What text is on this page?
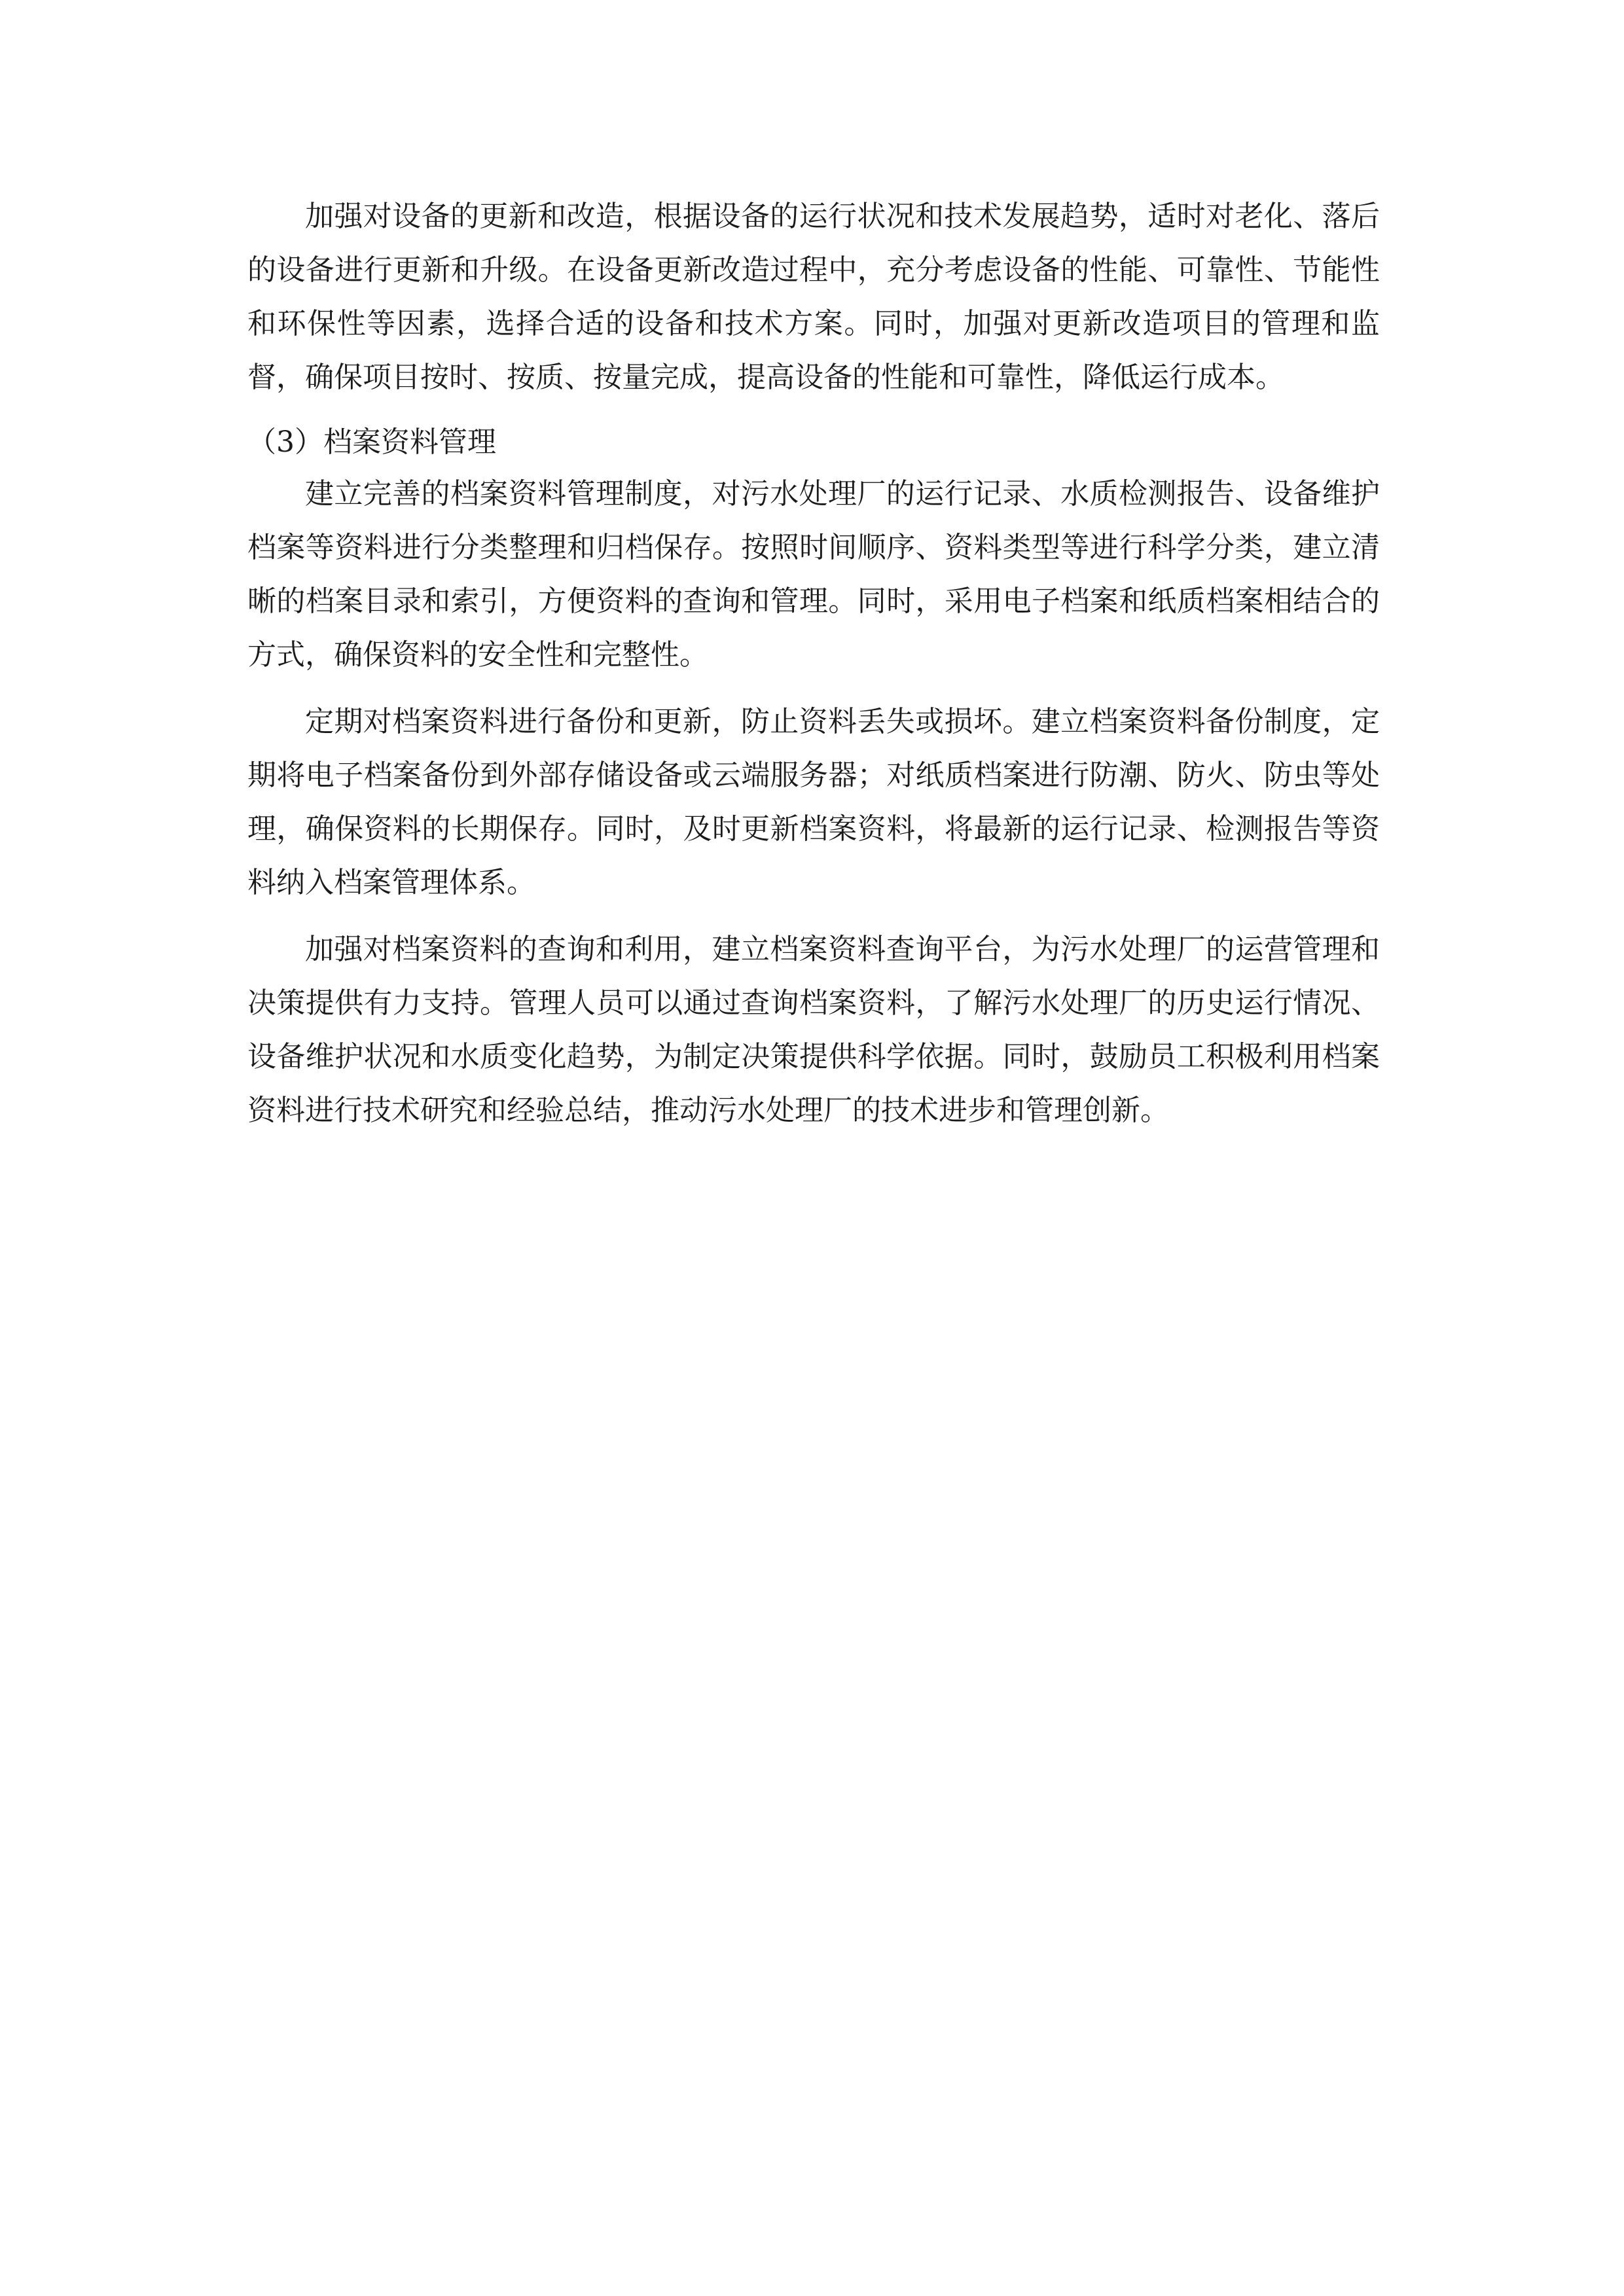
加强对设备的更新和改造，根据设备的运行状况和技术发展趋势，适时对老化、落后的设备进行更新和升级。在设备更新改造过程中，充分考虑设备的性能、可靠性、节能性和环保性等因素，选择合适的设备和技术方案。同时，加强对更新改造项目的管理和监督，确保项目按时、按质、按量完成，提高设备的性能和可靠性，降低运行成本。

（3）档案资料管理

建立完善的档案资料管理制度，对污水处理厂的运行记录、水质检测报告、设备维护档案等资料进行分类整理和归档保存。按照时间顺序、资料类型等进行科学分类，建立清晰的档案目录和索引，方便资料的查询和管理。同时，采用电子档案和纸质档案相结合的方式，确保资料的安全性和完整性。

定期对档案资料进行备份和更新，防止资料丢失或损坏。建立档案资料备份制度，定期将电子档案备份到外部存储设备或云端服务器；对纸质档案进行防潮、防火、防虫等处理，确保资料的长期保存。同时，及时更新档案资料，将最新的运行记录、检测报告等资料纳入档案管理体系。

加强对档案资料的查询和利用，建立档案资料查询平台，为污水处理厂的运营管理和决策提供有力支持。管理人员可以通过查询档案资料，了解污水处理厂的历史运行情况、设备维护状况和水质变化趋势，为制定决策提供科学依据。同时，鼓励员工积极利用档案资料进行技术研究和经验总结，推动污水处理厂的技术进步和管理创新。
